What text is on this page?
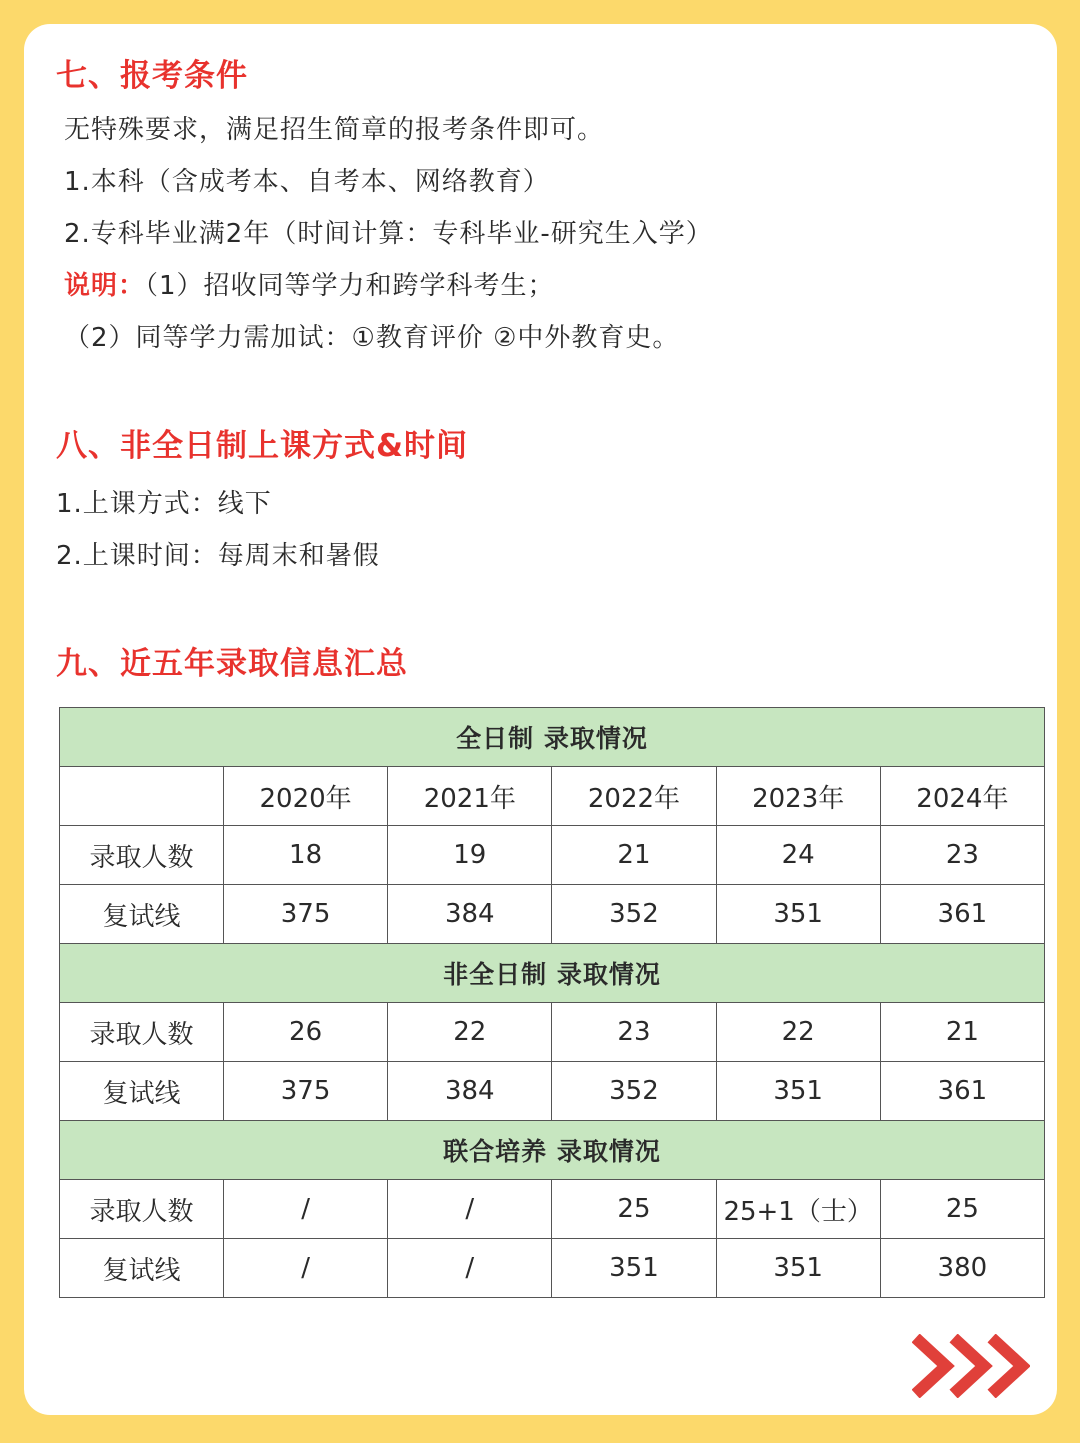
七、报考条件
无特殊要求，满足招生简章的报考条件即可。
1.本科（含成考本、自考本、网络教育）
2.专科毕业满2年（时间计算：专科毕业-研究生入学）
说明：（1）招收同等学力和跨学科考生；
（2）同等学力需加试：①教育评价 ②中外教育史。
八、非全日制上课方式&时间
1.上课方式：线下
2.上课时间：每周末和暑假
九、近五年录取信息汇总
全日制 录取情况					
	2020年	2021年	2022年	2023年	2024年
录取人数	18	19	21	24	23
复试线	375	384	352	351	361
非全日制 录取情况					
录取人数	26	22	23	22	21
复试线	375	384	352	351	361
联合培养 录取情况					
录取人数	/	/	25	25+1（士）	25
复试线	/	/	351	351	380
